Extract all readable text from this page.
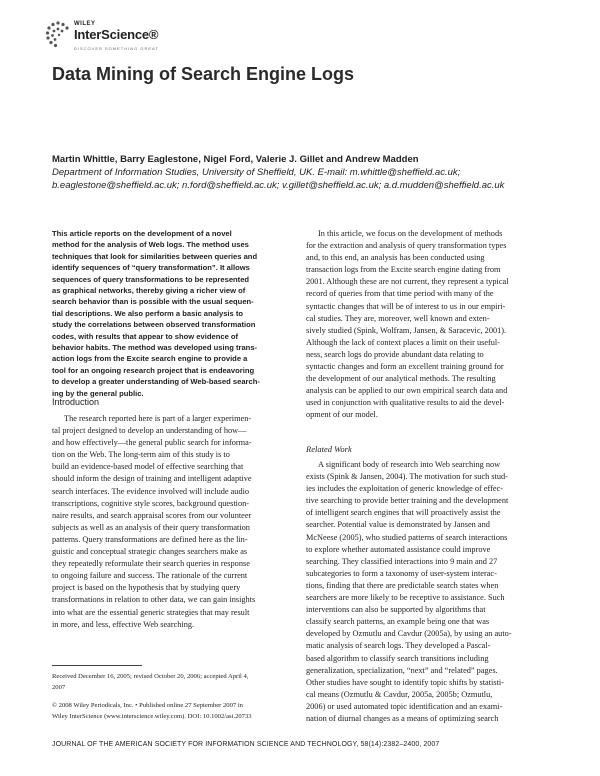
WILEY
InterScience®
DISCOVER SOMETHING GREAT
Data Mining of Search Engine Logs
Martin Whittle, Barry Eaglestone, Nigel Ford, Valerie J. Gillet and Andrew Madden
Department of Information Studies, University of Sheffield, UK. E-mail: m.whittle@sheffield.ac.uk;
b.eaglestone@sheffield.ac.uk; n.ford@sheffield.ac.uk; v.gillet@sheffield.ac.uk; a.d.mudden@sheffield.ac.uk
This article reports on the development of a novel
method for the analysis of Web logs. The method uses
techniques that look for similarities between queries and
identify sequences of “query transformation”. It allows
sequences of query transformations to be represented
as graphical networks, thereby giving a richer view of
search behavior than is possible with the usual sequen-
tial descriptions. We also perform a basic analysis to
study the correlations between observed transformation
codes, with results that appear to show evidence of
behavior habits. The method was developed using trans-
action logs from the Excite search engine to provide a
tool for an ongoing research project that is endeavoring
to develop a greater understanding of Web-based search-
ing by the general public.
Introduction
The research reported here is part of a larger experimen-
tal project designed to develop an understanding of how—
and how effectively—the general public search for informa-
tion on the Web. The long-term aim of this study is to
build an evidence-based model of effective searching that
should inform the design of training and intelligent adaptive
search interfaces. The evidence involved will include audio
transcriptions, cognitive style scores, background question-
naire results, and search appraisal scores from our volunteer
subjects as well as an analysis of their query transformation
patterns. Query transformations are defined here as the lin-
guistic and conceptual strategic changes searchers make as
they repeatedly reformulate their search queries in response
to ongoing failure and success. The rationale of the current
project is based on the hypothesis that by studying query
transformations in relation to other data, we can gain insights
into what are the essential generic strategies that may result
in more, and less, effective Web searching.
Received December 16, 2005; revised October 20, 2006; accepted April 4,
2007
© 2008 Wiley Periodicals, Inc. • Published online 27 September 2007 in
Wiley InterScience (www.interscience.wiley.com). DOI: 10.1002/asi.20733
In this article, we focus on the development of methods
for the extraction and analysis of query transformation types
and, to this end, an analysis has been conducted using
transaction logs from the Excite search engine dating from
2001. Although these are not current, they represent a typical
record of queries from that time period with many of the
syntactic changes that will be of interest to us in our empiri-
cal studies. They are, moreover, well known and exten-
sively studied (Spink, Wolfram, Jansen, & Saracevic, 2001).
Although the lack of context places a limit on their useful-
ness, search logs do provide abundant data relating to
syntactic changes and form an excellent training ground for
the development of our analytical methods. The resulting
analysis can be applied to our own empirical search data and
used in conjunction with qualitative results to aid the devel-
opment of our model.
Related Work
A significant body of research into Web searching now
exists (Spink & Jansen, 2004). The motivation for such stud-
ies includes the exploitation of generic knowledge of effec-
tive searching to provide better training and the development
of intelligent search engines that will proactively assist the
searcher. Potential value is demonstrated by Jansen and
McNeese (2005), who studied patterns of search interactions
to explore whether automated assistance could improve
searching. They classified interactions into 9 main and 27
subcategories to form a taxonomy of user-system interac-
tions, finding that there are predictable search states when
searchers are more likely to be receptive to assistance. Such
interventions can also be supported by algorithms that
classify search patterns, an example being one that was
developed by Ozmutlu and Cavdur (2005a), by using an auto-
matic analysis of search logs. They developed a Pascal-
based algorithm to classify search transitions including
generalization, specialization, “next” and “related” pages.
Other studies have sought to identify topic shifts by statisti-
cal means (Ozmutlu & Cavdur, 2005a, 2005b; Ozmutlu,
2006) or used automated topic identification and an exami-
nation of diurnal changes as a means of optimizing search
JOURNAL OF THE AMERICAN SOCIETY FOR INFORMATION SCIENCE AND TECHNOLOGY, 58(14):2382–2400, 2007
